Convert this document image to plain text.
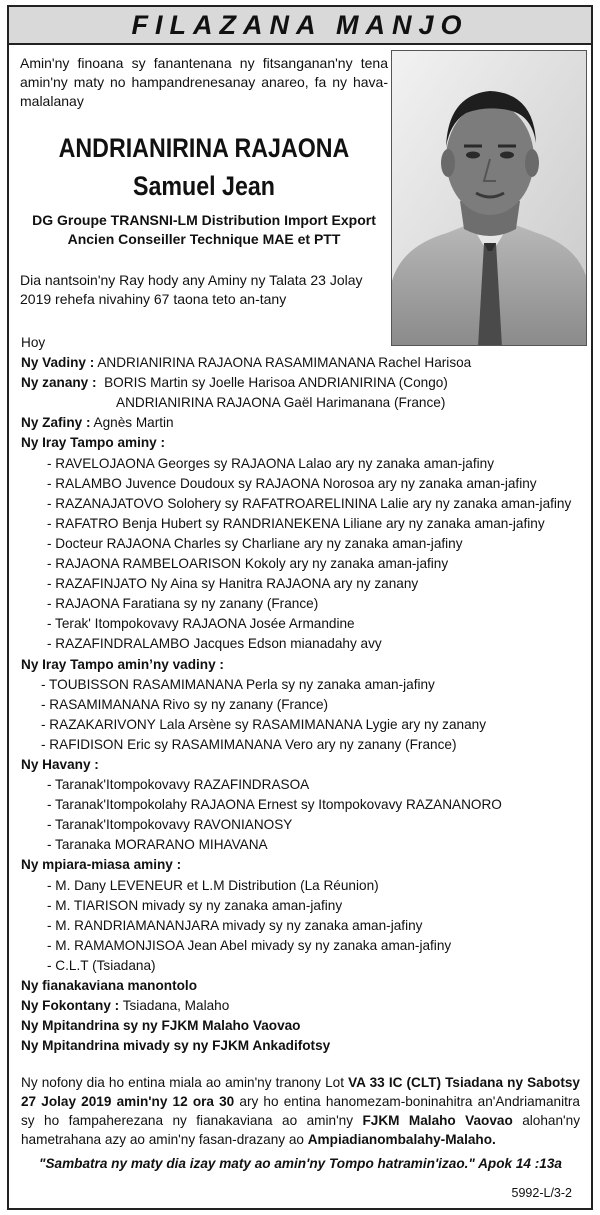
FILAZANA MANJO

Amin'ny finoana sy fanantenana ny fitsanganan'ny tena amin'ny maty no hampandrenesanay anareo, fa ny hava-malalanay

ANDRIANIRINA RAJAONA
Samuel Jean
DG Groupe TRANSNI-LM Distribution Import Export
Ancien Conseiller Technique MAE et PTT

Dia nantsoin'ny Ray hody any Aminy ny Talata 23 Jolay 2019 rehefa nivahiny 67 taona teto an-tany

Hoy
Ny Vadiny : ANDRIANIRINA RAJAONA RASAMIMANANA Rachel Harisoa
Ny zanany : BORIS Martin sy Joelle Harisoa ANDRIANIRINA (Congo)
ANDRIANIRINA RAJAONA Gaël Harimanana (France)
Ny Zafiny : Agnès Martin
Ny Iray Tampo aminy :
- RAVELOJAONA Georges sy RAJAONA Lalao ary ny zanaka aman-jafiny
- RALAMBO Juvence Doudoux sy RAJAONA Norosoa ary ny zanaka aman-jafiny
- RAZANAJATOVO Solohery sy RAFATROARELININA Lalie ary ny zanaka aman-jafiny
- RAFATRO Benja Hubert sy RANDRIANEKENA Liliane ary ny zanaka aman-jafiny
- Docteur RAJAONA Charles sy Charliane ary ny zanaka aman-jafiny
- RAJAONA RAMBELOARISON Kokoly ary ny zanaka aman-jafiny
- RAZAFINJATO Ny Aina sy Hanitra RAJAONA ary ny zanany
- RAJAONA Faratiana sy ny zanany (France)
- Terak' Itompokovavy RAJAONA Josée Armandine
- RAZAFINDRALAMBO Jacques Edson mianadahy avy
Ny Iray Tampo amin’ny vadiny :
- TOUBISSON RASAMIMANANA Perla sy ny zanaka aman-jafiny
- RASAMIMANANA Rivo sy ny zanany (France)
- RAZAKARIVONY Lala Arsène sy RASAMIMANANA Lygie ary ny zanany
- RAFIDISON Eric sy RASAMIMANANA Vero ary ny zanany (France)
Ny Havany :
- Taranak'Itompokovavy RAZAFINDRASOA
- Taranak'Itompokolahy RAJAONA Ernest sy Itompokovavy RAZANANORO
- Taranak'Itompokovavy RAVONIANOSY
- Taranaka MORARANO MIHAVANA
Ny mpiara-miasa aminy :
- M. Dany LEVENEUR et L.M Distribution (La Réunion)
- M. TIARISON mivady sy ny zanaka aman-jafiny
- M. RANDRIAMANANJARA mivady sy ny zanaka aman-jafiny
- M. RAMAMONJISOA Jean Abel mivady sy ny zanaka aman-jafiny
- C.L.T (Tsiadana)
Ny fianakaviana manontolo
Ny Fokontany : Tsiadana, Malaho
Ny Mpitandrina sy ny FJKM Malaho Vaovao
Ny Mpitandrina mivady sy ny FJKM Ankadifotsy

Ny nofony dia ho entina miala ao amin'ny tranony Lot VA 33 IC (CLT) Tsiadana ny Sabotsy 27 Jolay 2019 amin'ny 12 ora 30 ary ho entina hanomezam-boninahitra an'Andriamanitra sy ho fampaherezana ny fianakaviana ao amin'ny FJKM Malaho Vaovao alohan'ny hametrahana azy ao amin'ny fasan-drazany ao Ampiadianombalahy-Malaho.

"Sambatra ny maty dia izay maty ao amin'ny Tompo hatramin'izao." Apok 14 :13a
5992-L/3-2
